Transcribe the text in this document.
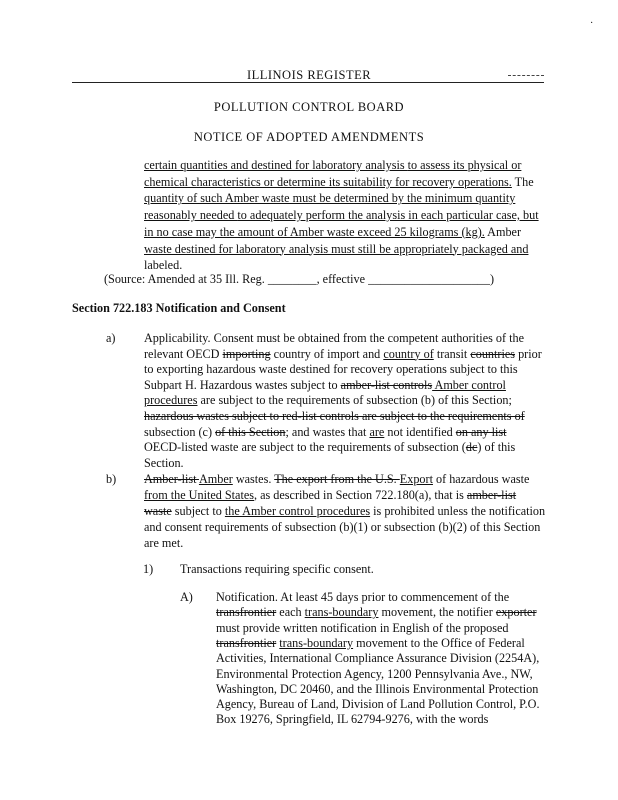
·
ILLINOIS REGISTER
POLLUTION CONTROL BOARD
NOTICE OF ADOPTED AMENDMENTS
certain quantities and destined for laboratory analysis to assess its physical or
chemical characteristics or determine its suitability for recovery operations. The
quantity of such Amber waste must be determined by the minimum quantity
reasonably needed to adequately perform the analysis in each particular case, but
in no case may the amount of Amber waste exceed 25 kilograms (kg). Amber
waste destined for laboratory analysis must still be appropriately packaged and
labeled.
(Source: Amended at 35 Ill. Reg. ________, effective ____________________)
Section 722.183 Notification and Consent
a) Applicability. Consent must be obtained from the competent authorities of the
relevant OECD importing country of import and country of transit countries prior
to exporting hazardous waste destined for recovery operations subject to this
Subpart H. Hazardous wastes subject to amber-list controls Amber control
procedures are subject to the requirements of subsection (b) of this Section;
hazardous wastes subject to red-list controls are subject to the requirements of
subsection (c) of this Section; and wastes that are not identified on any list
OECD-listed waste are subject to the requirements of subsection (dc) of this
Section.
b) Amber-list Amber wastes. The export from the U.S. Export of hazardous waste
from the United States, as described in Section 722.180(a), that is amber-list
waste subject to the Amber control procedures is prohibited unless the notification
and consent requirements of subsection (b)(1) or subsection (b)(2) of this Section
are met.
1) Transactions requiring specific consent.
A) Notification. At least 45 days prior to commencement of the
transfrontier each trans-boundary movement, the notifier exporter
must provide written notification in English of the proposed
transfrontier trans-boundary movement to the Office of Federal
Activities, International Compliance Assurance Division (2254A),
Environmental Protection Agency, 1200 Pennsylvania Ave., NW,
Washington, DC 20460, and the Illinois Environmental Protection
Agency, Bureau of Land, Division of Land Pollution Control, P.O.
Box 19276, Springfield, IL 62794-9276, with the words
